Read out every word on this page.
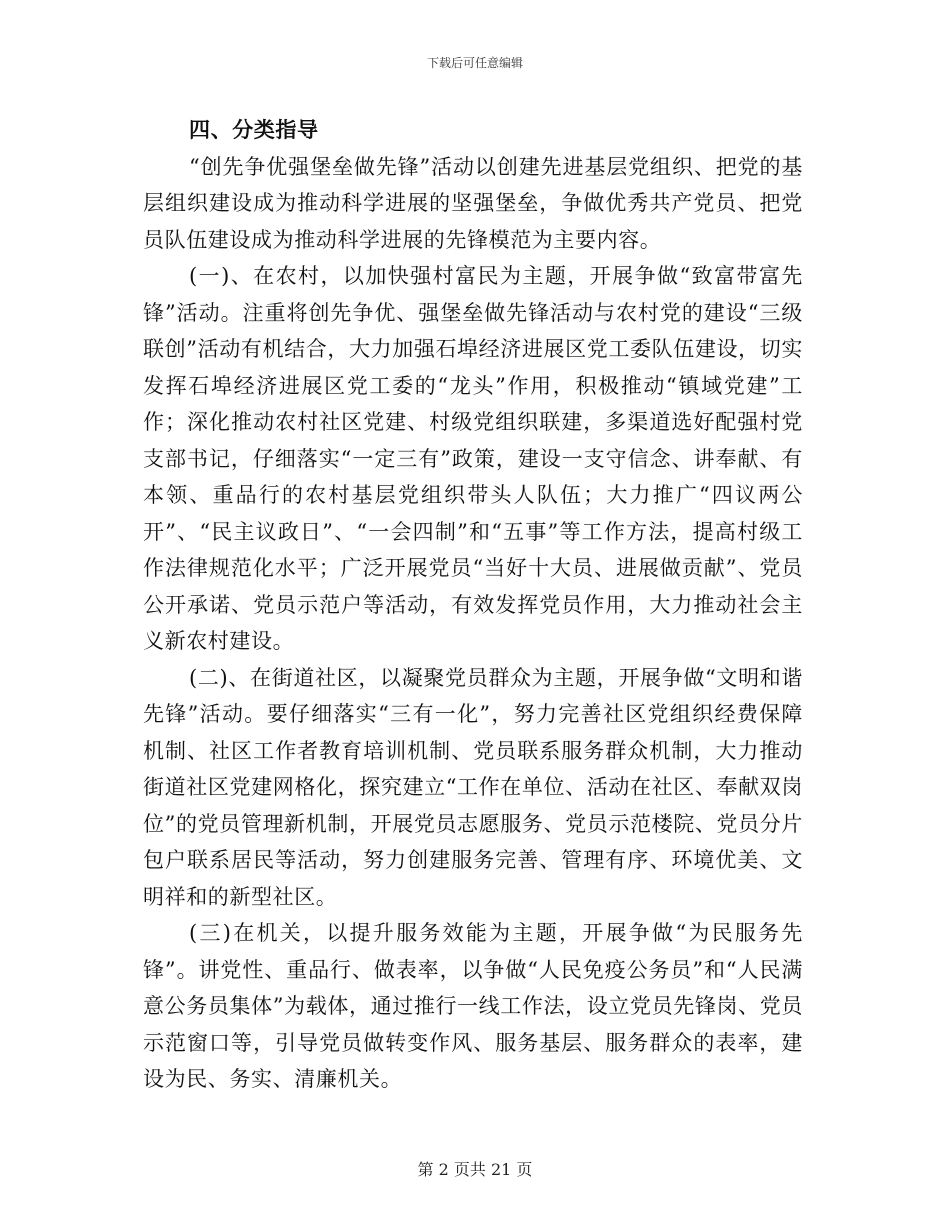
下载后可任意编辑

四、分类指导

“创先争优强堡垒做先锋”活动以创建先进基层党组织、把党的基层组织建设成为推动科学进展的坚强堡垒，争做优秀共产党员、把党员队伍建设成为推动科学进展的先锋模范为主要内容。

(一)、在农村，以加快强村富民为主题，开展争做“致富带富先锋”活动。注重将创先争优、强堡垒做先锋活动与农村党的建设“三级联创”活动有机结合，大力加强石埠经济进展区党工委队伍建设，切实发挥石埠经济进展区党工委的“龙头”作用，积极推动“镇域党建”工作；深化推动农村社区党建、村级党组织联建，多渠道选好配强村党支部书记，仔细落实“一定三有”政策，建设一支守信念、讲奉献、有本领、重品行的农村基层党组织带头人队伍；大力推广“四议两公开”、“民主议政日”、“一会四制”和“五事”等工作方法，提高村级工作法律规范化水平；广泛开展党员“当好十大员、进展做贡献”、党员公开承诺、党员示范户等活动，有效发挥党员作用，大力推动社会主义新农村建设。

(二)、在街道社区，以凝聚党员群众为主题，开展争做“文明和谐先锋”活动。要仔细落实“三有一化”，努力完善社区党组织经费保障机制、社区工作者教育培训机制、党员联系服务群众机制，大力推动街道社区党建网格化，探究建立“工作在单位、活动在社区、奉献双岗位”的党员管理新机制，开展党员志愿服务、党员示范楼院、党员分片包户联系居民等活动，努力创建服务完善、管理有序、环境优美、文明祥和的新型社区。

(三)在机关，以提升服务效能为主题，开展争做“为民服务先锋”。讲党性、重品行、做表率，以争做“人民免疫公务员”和“人民满意公务员集体”为载体，通过推行一线工作法，设立党员先锋岗、党员示范窗口等，引导党员做转变作风、服务基层、服务群众的表率，建设为民、务实、清廉机关。

第 2 页共 21 页
